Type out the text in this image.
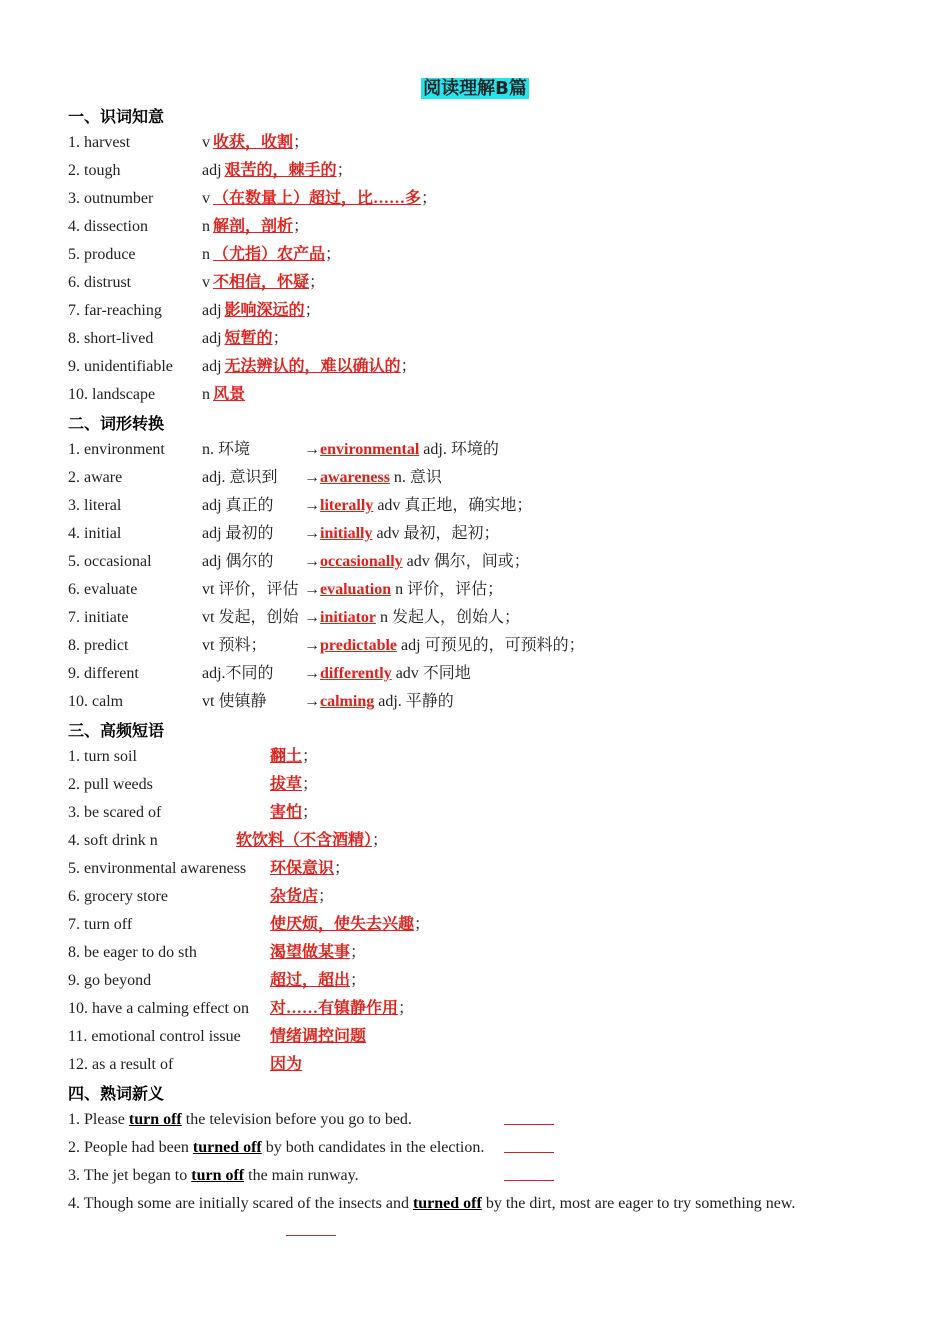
阅读理解B篇
一、识词知意
1. harvest	v 收获，收割；
2. tough	adj 艰苦的，棘手的；
3. outnumber	v （在数量上）超过，比……多；
4. dissection	n 解剖，剖析；
5. produce	n （尤指）农产品；
6. distrust	v 不相信，怀疑；
7. far-reaching	adj 影响深远的；
8. short-lived	adj 短暂的；
9. unidentifiable adj 无法辨认的，难以确认的；
10. landscape	n 风景
二、词形转换
1. environment n. 环境	→ environmental adj. 环境的
2. aware	adj. 意识到 → awareness n. 意识
3. literal	adj 真正的 → literally adv 真正地，确实地；
4. initial	adj 最初的 → initially adv 最初，起初；
5. occasional	adj 偶尔的 → occasionally adv 偶尔，间或；
6. evaluate	vt 评价，评估 → evaluation n 评价，评估；
7. initiate	vt 发起，创始 → initiator n 发起人，创始人；
8. predict	vt 预料； → predictable adj 可预见的，可预料的；
9. different	adj.不同的 → differently adv 不同地
10. calm	vt 使镇静 → calming adj. 平静的
三、高频短语
1. turn soil	翻土；
2. pull weeds	拔草；
3. be scared of	害怕；
4. soft drink n	软饮料（不含酒精）；
5. environmental awareness 环保意识；
6. grocery store	杂货店；
7. turn off	使厌烦，使失去兴趣；
8. be eager to do sth	渴望做某事；
9. go beyond	超过，超出；
10. have a calming effect on 对……有镇静作用；
11. emotional control issue 情绪调控问题
12. as a result of	因为
四、熟词新义
1. Please turn off the television before you go to bed.
2. People had been turned off by both candidates in the election.
3. The jet began to turn off the main runway.
4. Though some are initially scared of the insects and turned off by the dirt, most are eager to try something new.
